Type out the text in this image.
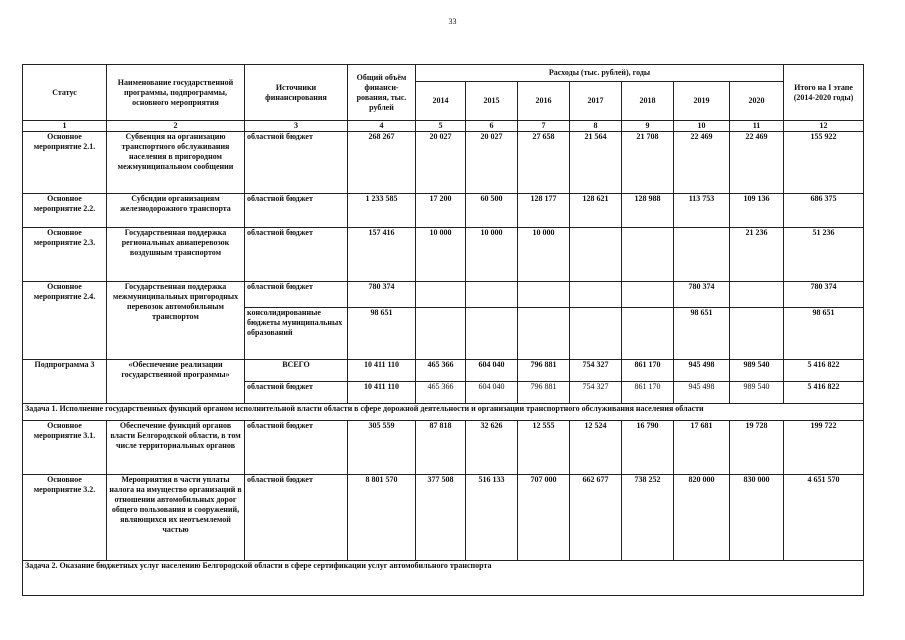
33
Статус	Наименование государственной программы, подпрограммы, основного мероприятия	Источники финансирования	Общий объём финанси-рования, тыс. рублей	Расходы (тыс. рублей), годы							Итого на I этапе (2014-2020 годы)
				2014	2015	2016	2017	2018	2019	2020	
1	2	3	4	5	6	7	8	9	10	11	12
Основное мероприятие 2.1.	Субвенция на организацию транспортного обслуживания населения в пригородном межмуниципальном сообщении	областной бюджет	268 267	20 027	20 027	27 658	21 564	21 708	22 469	22 469	155 922
Основное мероприятие 2.2.	Субсидии организациям железнодорожного транспорта	областной бюджет	1 233 585	17 200	60 500	128 177	128 621	128 988	113 753	109 136	686 375
Основное мероприятие 2.3.	Государственная поддержка региональных авиаперевозок воздушным транспортом	областной бюджет	157 416	10 000	10 000	10 000				21 236	51 236
Основное мероприятие 2.4.	Государственная поддержка межмуниципальных пригородных перевозок автомобильным транспортом	областной бюджет	780 374						780 374		780 374
		консолидированные бюджеты муниципальных образований	98 651						98 651		98 651
Подпрограмма 3	«Обеспечение реализации государственной программы»	ВСЕГО	10 411 110	465 366	604 040	796 881	754 327	861 170	945 498	989 540	5 416 822
		областной бюджет	10 411 110	465 366	604 040	796 881	754 327	861 170	945 498	989 540	5 416 822
Задача 1. Исполнение государственных функций органом исполнительной власти области в сфере дорожной деятельности и организации транспортного обслуживания населения области											
Основное мероприятие 3.1.	Обеспечение функций органов власти Белгородской области, в том числе территориальных органов	областной бюджет	305 559	87 818	32 626	12 555	12 524	16 790	17 681	19 728	199 722
Основное мероприятие 3.2.	Мероприятия в части уплаты налога на имущество организаций в отношении автомобильных дорог общего пользования и сооружений, являющихся их неотъемлемой частью	областной бюджет	8 801 570	377 508	516 133	707 000	662 677	738 252	820 000	830 000	4 651 570
Задача 2. Оказание бюджетных услуг населению Белгородской области в сфере сертификации услуг автомобильного транспорта											
